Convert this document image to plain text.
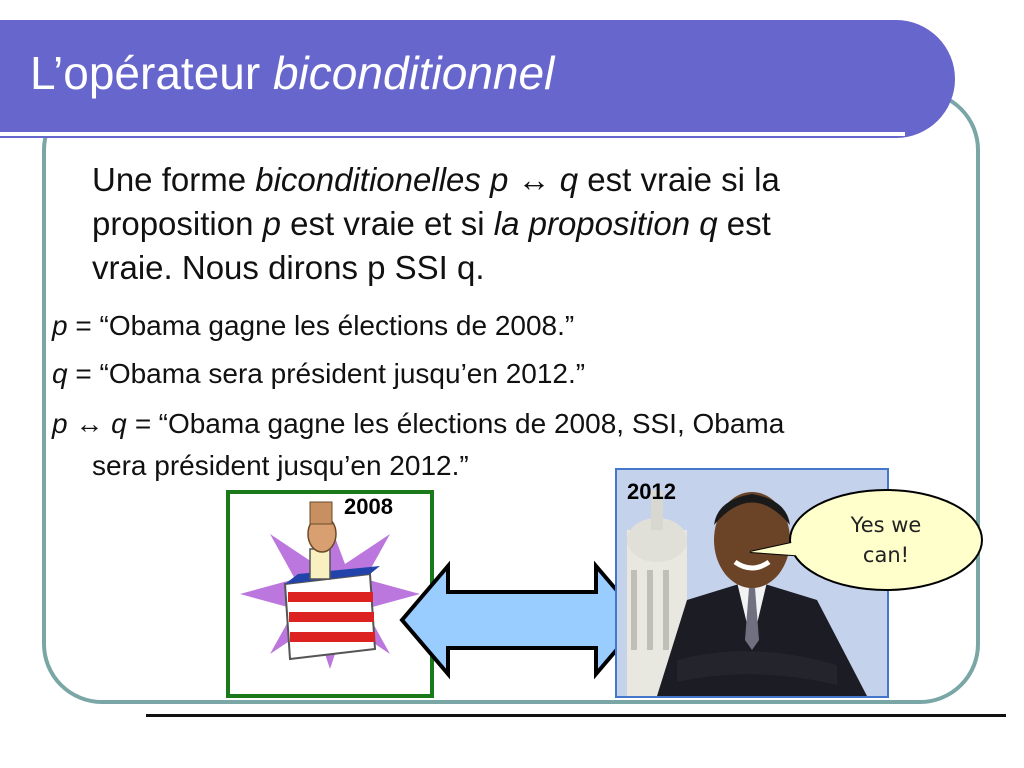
L’opérateur biconditionnel
Une forme biconditionelles p ↔ q est vraie si la
proposition p est vraie et si la proposition q est
vraie. Nous dirons p SSI q.
p = “Obama gagne les élections de 2008.”
q = “Obama sera président jusqu’en 2012.”
p ↔ q = “Obama gagne les élections de 2008, SSI, Obama
sera président jusqu’en 2012.”
2008
2012
Yes we
can!
